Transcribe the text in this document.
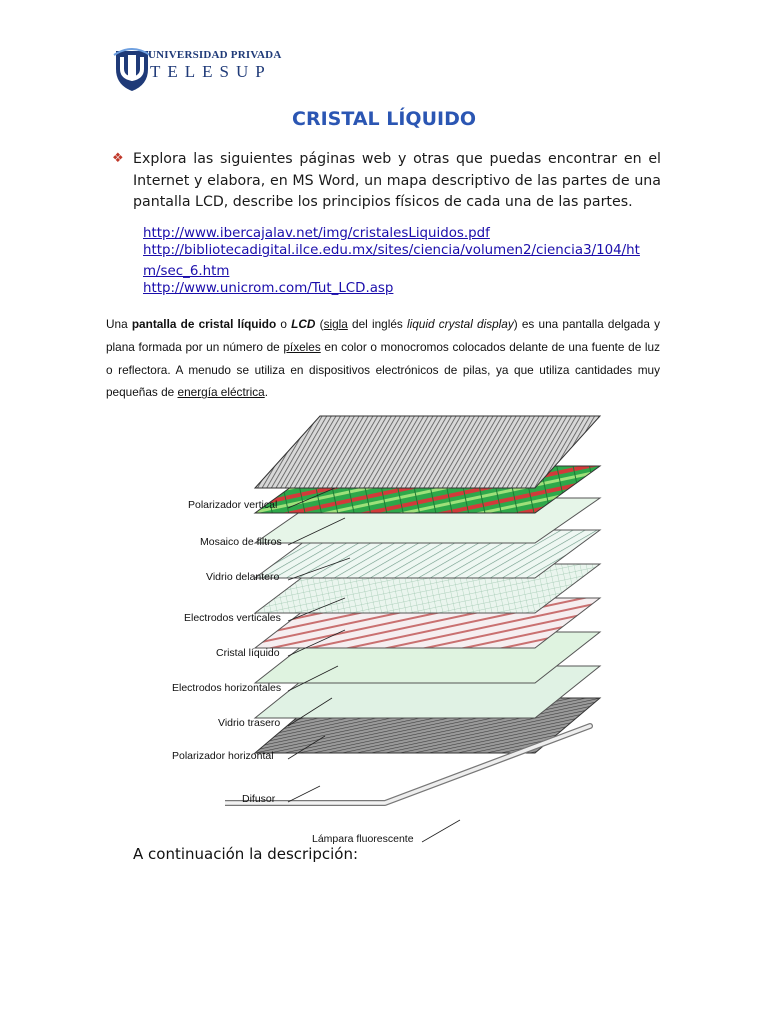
UNIVERSIDAD PRIVADA
TELESUP
CRISTAL LÍQUIDO
❖ Explora las siguientes páginas web y otras que puedas encontrar en el Internet y elabora, en MS Word, un mapa descriptivo de las partes de una pantalla LCD, describe los principios físicos de cada una de las partes.
http://www.ibercajalav.net/img/cristalesLiquidos.pdf
http://bibliotecadigital.ilce.edu.mx/sites/ciencia/volumen2/ciencia3/104/ht
m/sec_6.htm
http://www.unicrom.com/Tut_LCD.asp
Una pantalla de cristal líquido o LCD (sigla del inglés liquid crystal display) es una pantalla delgada y plana formada por un número de píxeles en color o monocromos colocados delante de una fuente de luz o reflectora. A menudo se utiliza en dispositivos electrónicos de pilas, ya que utiliza cantidades muy pequeñas de energía eléctrica.
Polarizador vertical
Mosaico de filtros
Vidrio delantero
Electrodos verticales
Cristal líquido
Electrodos horizontales
Vidrio trasero
Polarizador horizontal
Difusor
Lámpara fluorescente
A continuación la descripción:
